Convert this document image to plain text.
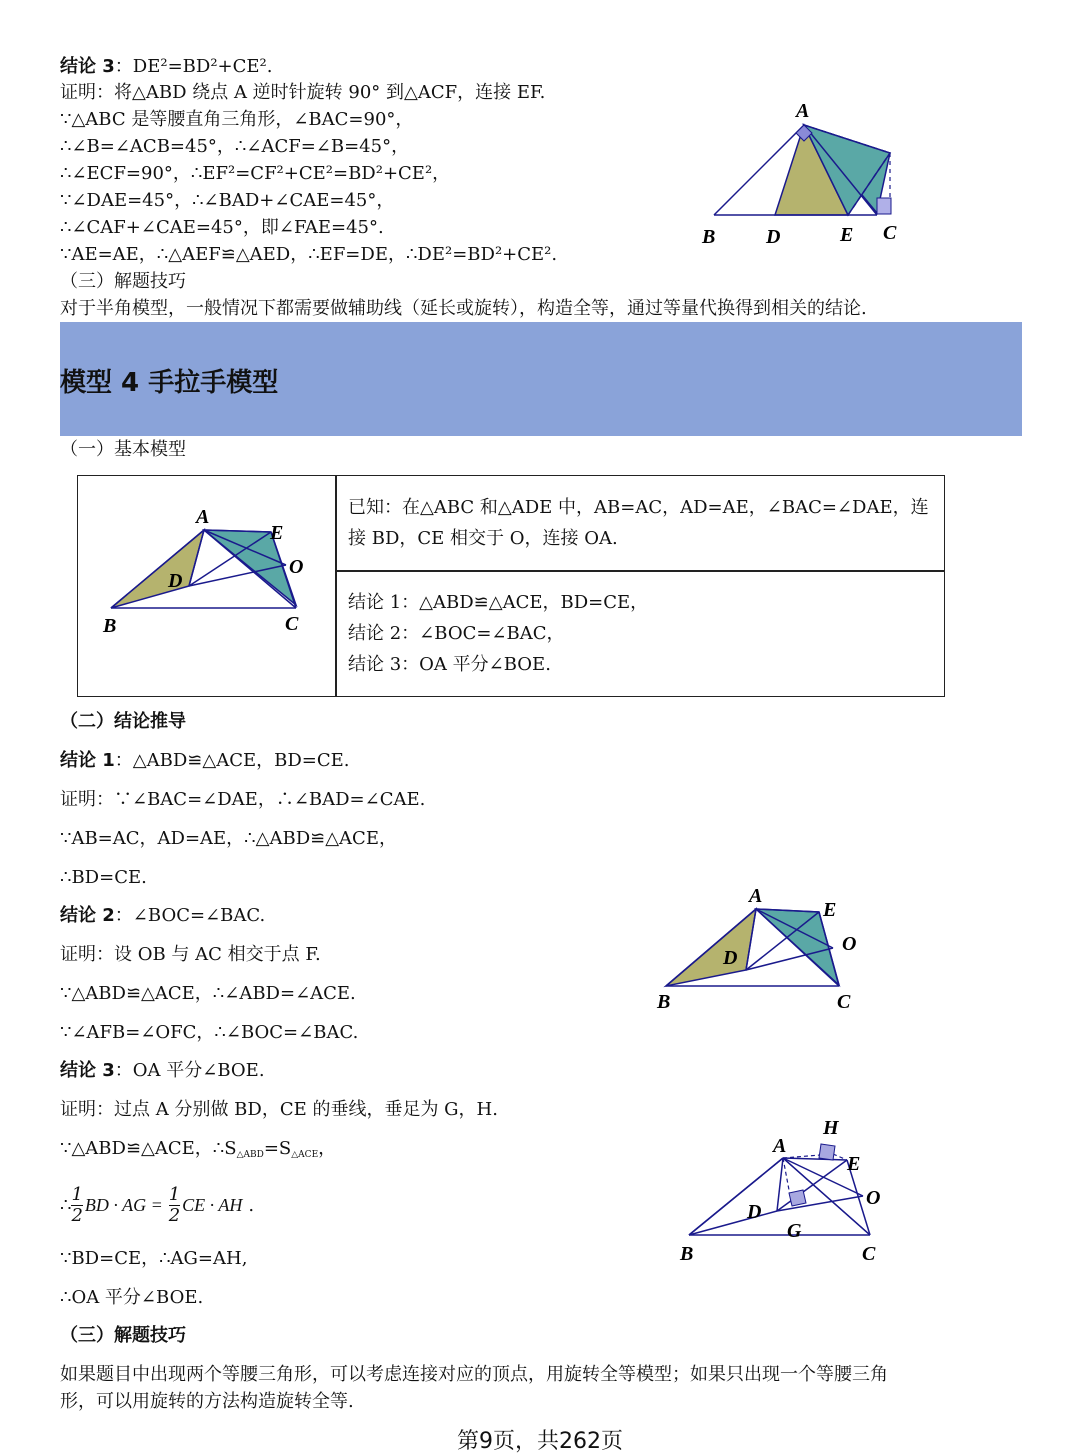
结论 3：DE²=BD²+CE².
证明：将△ABD 绕点 A 逆时针旋转 90° 到△ACF，连接 EF.
∵△ABC 是等腰直角三角形，∠BAC=90°，
∴∠B=∠ACB=45°，∴∠ACF=∠B=45°，
∴∠ECF=90°，∴EF²=CF²+CE²=BD²+CE²，
∵∠DAE=45°，∴∠BAD+∠CAE=45°，
∴∠CAF+∠CAE=45°，即∠FAE=45°.
∵AE=AE，∴△AEF≌△AED，∴EF=DE，∴DE²=BD²+CE².
（三）解题技巧
对于半角模型，一般情况下都需要做辅助线（延长或旋转），构造全等，通过等量代换得到相关的结论.
A
B	D	E C
模型 4 手拉手模型
（一）基本模型
A
E
O
D
B	C
已知：在△ABC 和△ADE 中，AB=AC，AD=AE，∠BAC=∠DAE，连
接 BD，CE 相交于 O，连接 OA.
结论 1：△ABD≌△ACE，BD=CE，
结论 2：∠BOC=∠BAC，
结论 3：OA 平分∠BOE.
（二）结论推导
结论 1：△ABD≌△ACE，BD=CE.
证明：∵∠BAC=∠DAE，∴∠BAD=∠CAE.
∵AB=AC，AD=AE，∴△ABD≌△ACE，
∴BD=CE.
结论 2：∠BOC=∠BAC.
证明：设 OB 与 AC 相交于点 F.
∵△ABD≌△ACE，∴∠ABD=∠ACE.
∵∠AFB=∠OFC，∴∠BOC=∠BAC.
结论 3：OA 平分∠BOE.
证明：过点 A 分别做 BD，CE 的垂线，垂足为 G，H.
∵△ABD≌△ACE，$\therefore S_{\triangle ABD}=S_{\triangle ACE}$，
∴ $\frac{1}{2}$ BD · AG = $\frac{1}{2}$ CE · AH .
∵BD=CE，∴AG=AH,
∴OA 平分∠BOE.
A
E
O
D
B	C
A
H
E
O
D
G
B	C
（三）解题技巧
如果题目中出现两个等腰三角形，可以考虑连接对应的顶点，用旋转全等模型；如果只出现一个等腰三角
形，可以用旋转的方法构造旋转全等.
第9页，共262页
